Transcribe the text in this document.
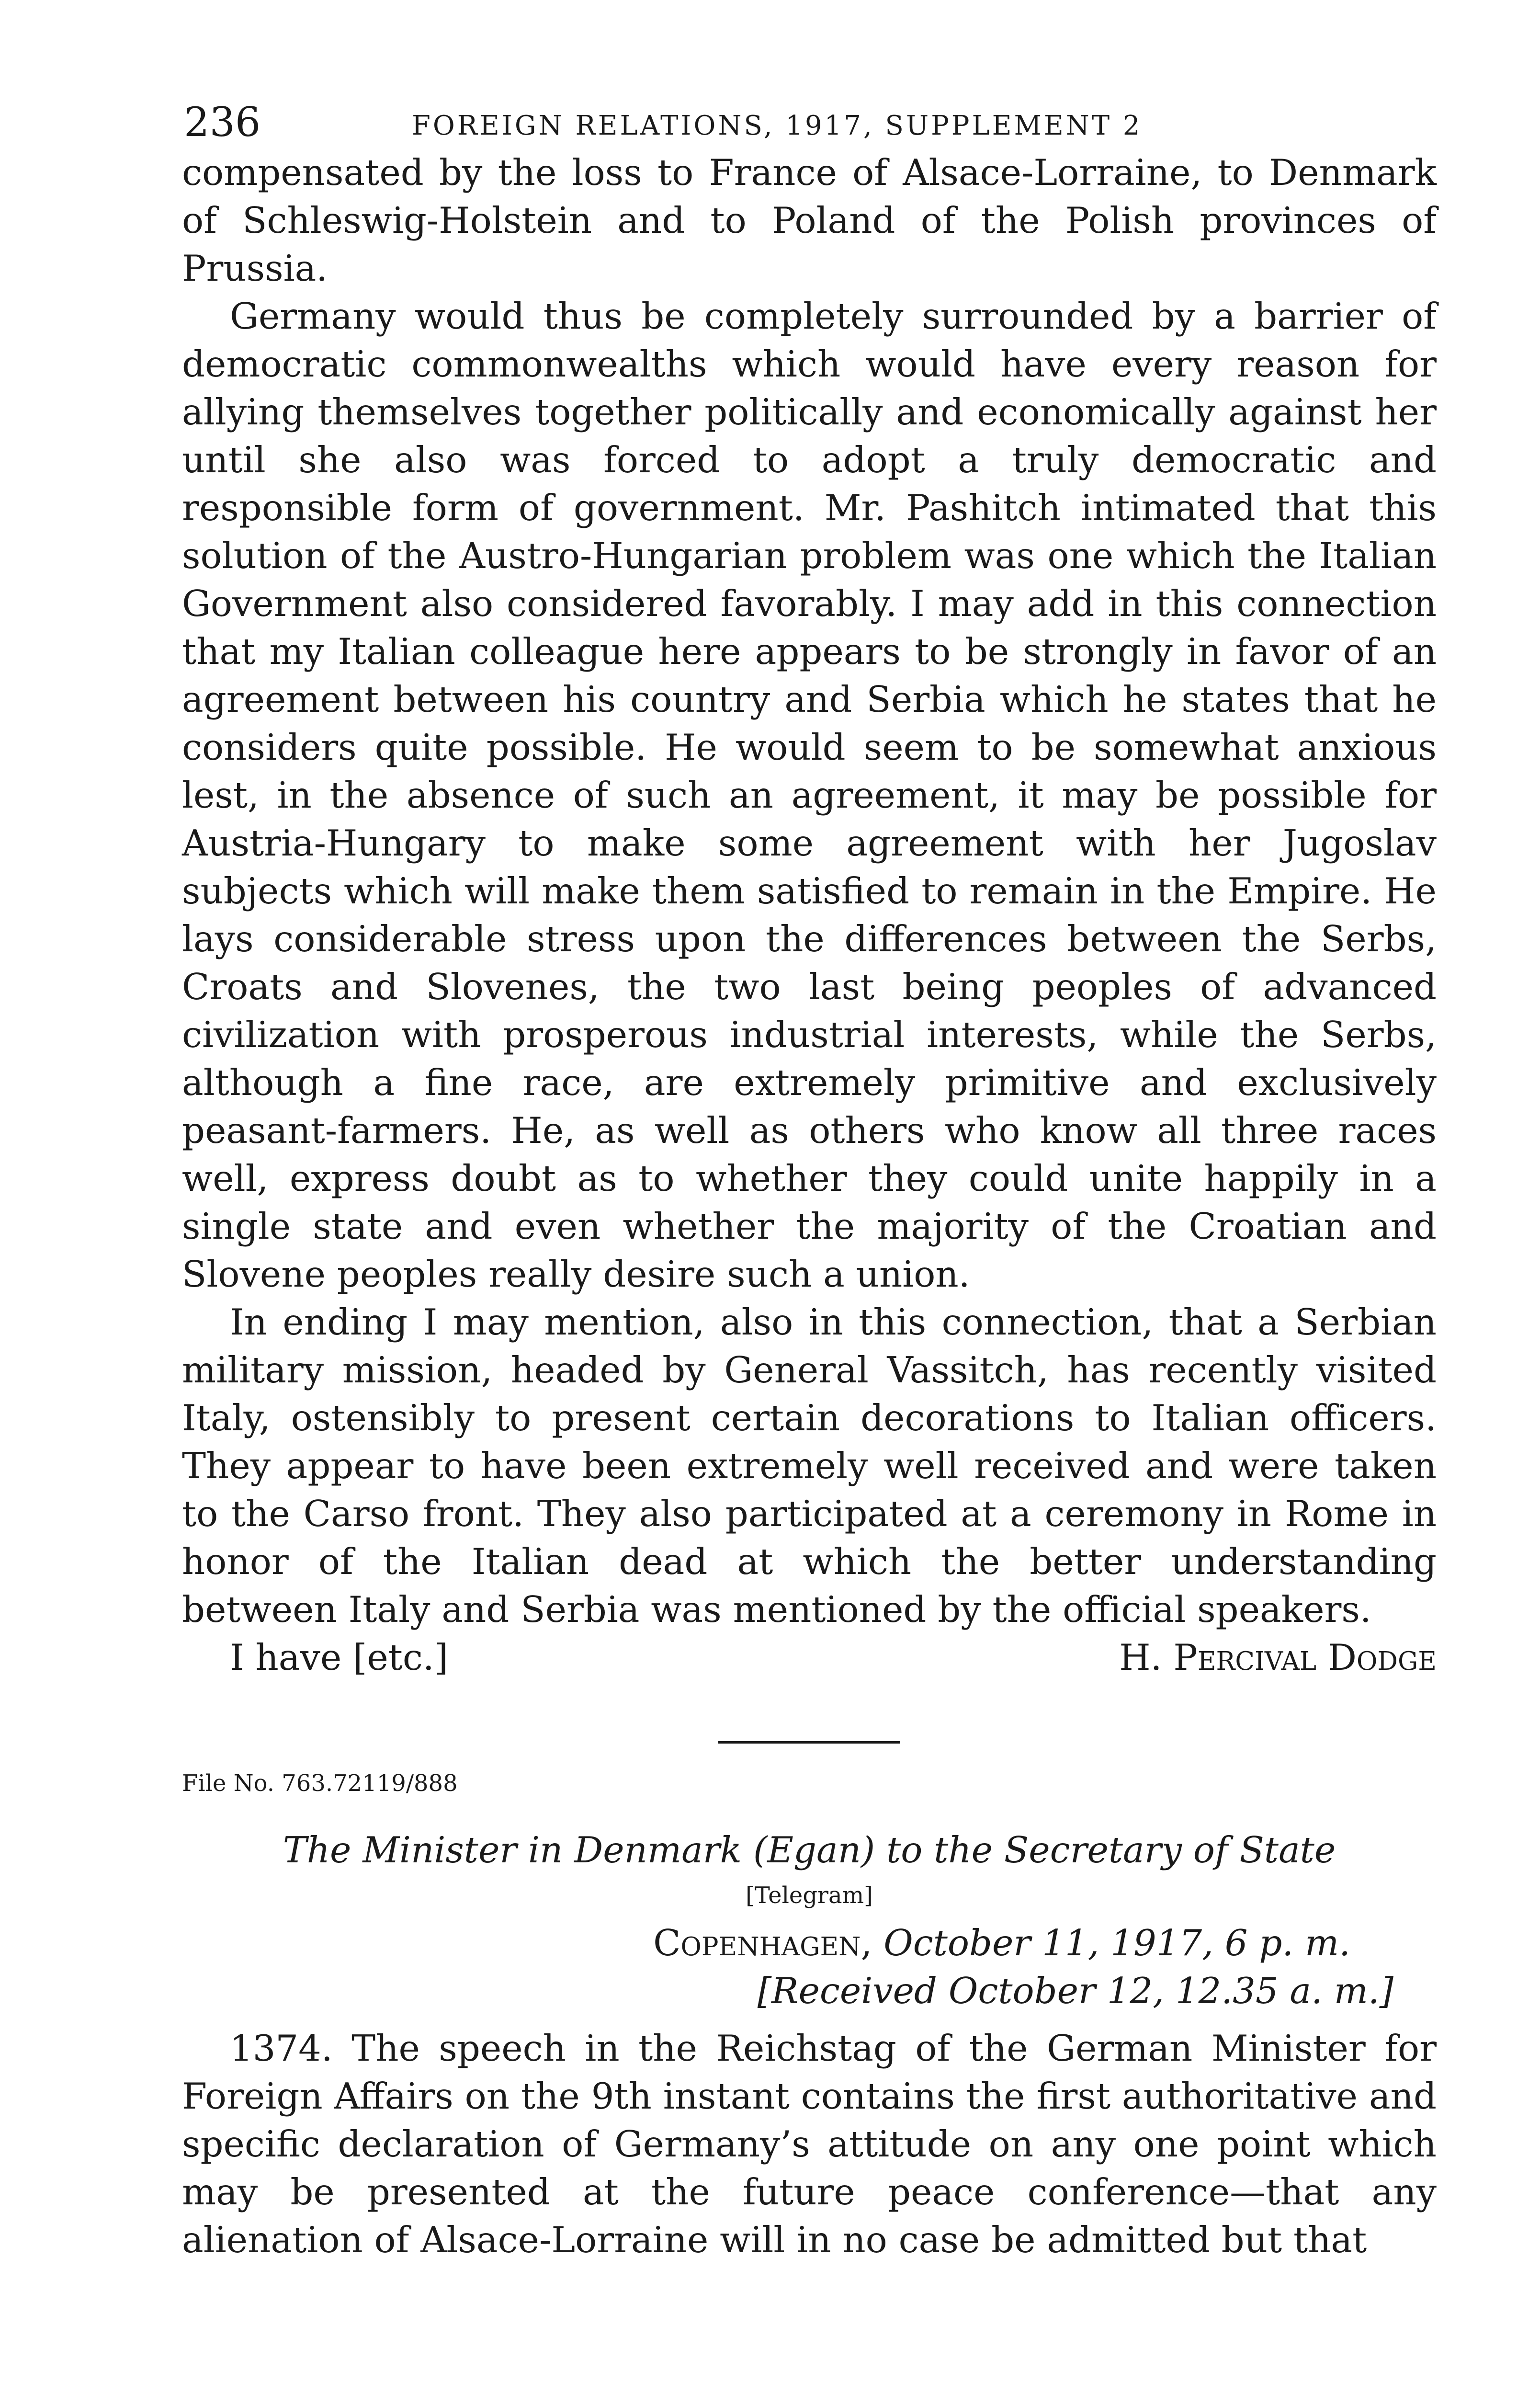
236	FOREIGN RELATIONS, 1917, SUPPLEMENT 2

compensated by the loss to France of Alsace-Lorraine, to Denmark of Schleswig-Holstein and to Poland of the Polish provinces of Prussia.

Germany would thus be completely surrounded by a barrier of democratic commonwealths which would have every reason for allying themselves together politically and economically against her until she also was forced to adopt a truly democratic and responsible form of government. Mr. Pashitch intimated that this solution of the Austro-Hungarian problem was one which the Italian Government also considered favorably. I may add in this connection that my Italian colleague here appears to be strongly in favor of an agreement between his country and Serbia which he states that he considers quite possible. He would seem to be somewhat anxious lest, in the absence of such an agreement, it may be possible for Austria-Hungary to make some agreement with her Jugoslav subjects which will make them satisfied to remain in the Empire. He lays considerable stress upon the differences between the Serbs, Croats and Slovenes, the two last being peoples of advanced civilization with prosperous industrial interests, while the Serbs, although a fine race, are extremely primitive and exclusively peasant-farmers. He, as well as others who know all three races well, express doubt as to whether they could unite happily in a single state and even whether the majority of the Croatian and Slovene peoples really desire such a union.

In ending I may mention, also in this connection, that a Serbian military mission, headed by General Vassitch, has recently visited Italy, ostensibly to present certain decorations to Italian officers. They appear to have been extremely well received and were taken to the Carso front. They also participated at a ceremony in Rome in honor of the Italian dead at which the better understanding between Italy and Serbia was mentioned by the official speakers.

I have [etc.]	H. Percival Dodge
File No. 763.72119/888
The Minister in Denmark (Egan) to the Secretary of State
[Telegram]
Copenhagen, October 11, 1917, 6 p. m.
[Received October 12, 12.35 a. m.]

1374. The speech in the Reichstag of the German Minister for Foreign Affairs on the 9th instant contains the first authoritative and specific declaration of Germany’s attitude on any one point which may be presented at the future peace conference—that any alienation of Alsace-Lorraine will in no case be admitted but that
